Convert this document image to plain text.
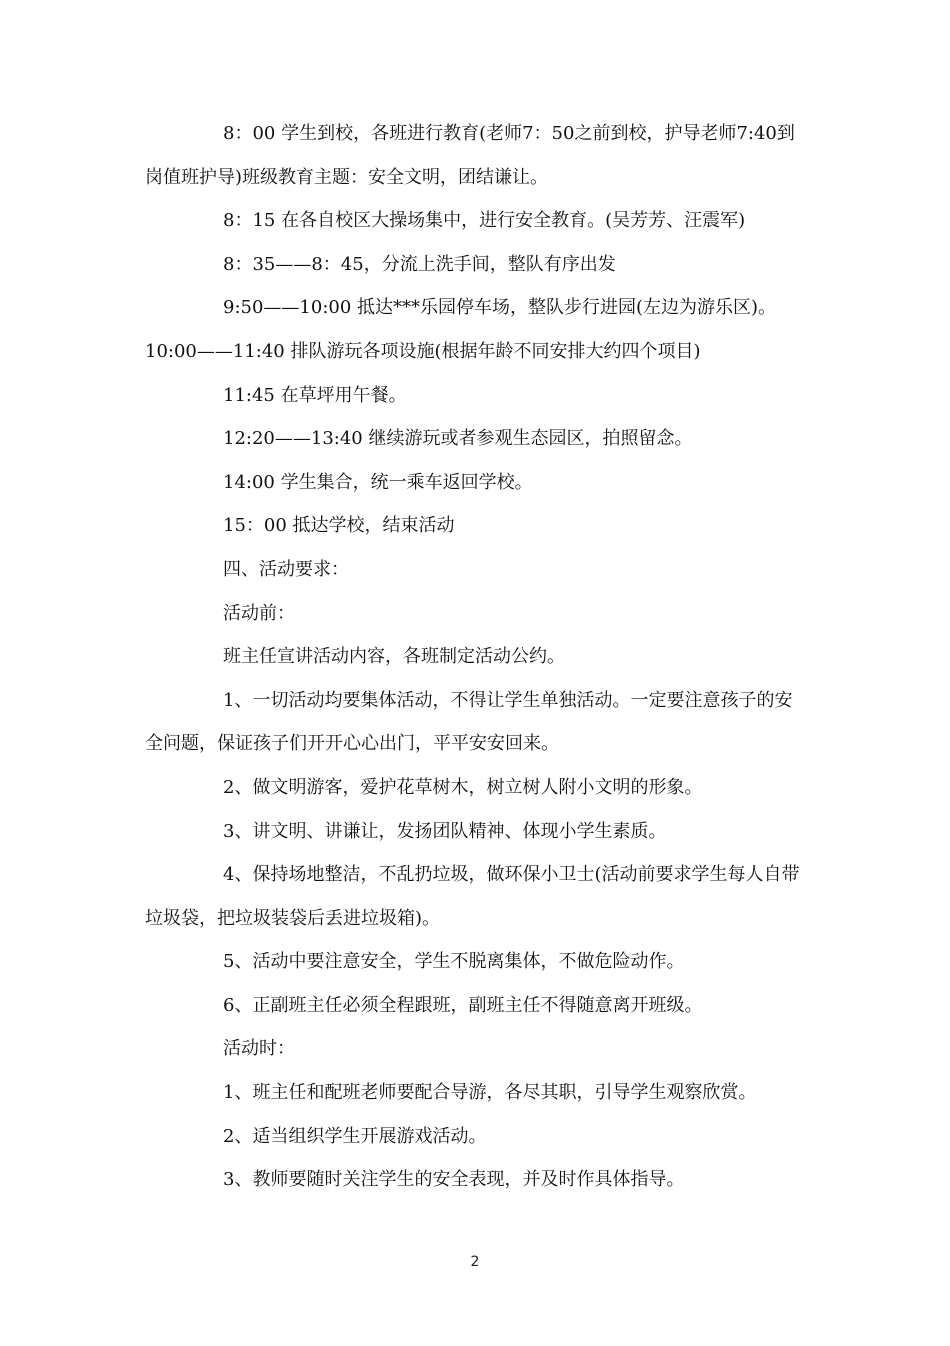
8：00 学生到校，各班进行教育(老师7：50之前到校，护导老师7:40到岗值班护导)班级教育主题：安全文明，团结谦让。

8：15 在各自校区大操场集中，进行安全教育。(吴芳芳、汪震军)

8：35——8：45，分流上洗手间，整队有序出发

9:50——10:00 抵达***乐园停车场，整队步行进园(左边为游乐区)。

10:00——11:40 排队游玩各项设施(根据年龄不同安排大约四个项目)

11:45 在草坪用午餐。

12:20——13:40 继续游玩或者参观生态园区，拍照留念。

14:00 学生集合，统一乘车返回学校。

15：00 抵达学校，结束活动

四、活动要求：

活动前：

班主任宣讲活动内容，各班制定活动公约。

1、一切活动均要集体活动，不得让学生单独活动。一定要注意孩子的安全问题，保证孩子们开开心心出门，平平安安回来。

2、做文明游客，爱护花草树木，树立树人附小文明的形象。

3、讲文明、讲谦让，发扬团队精神、体现小学生素质。

4、保持场地整洁，不乱扔垃圾，做环保小卫士(活动前要求学生每人自带垃圾袋，把垃圾装袋后丢进垃圾箱)。

5、活动中要注意安全，学生不脱离集体，不做危险动作。

6、正副班主任必须全程跟班，副班主任不得随意离开班级。

活动时：

1、班主任和配班老师要配合导游，各尽其职，引导学生观察欣赏。

2、适当组织学生开展游戏活动。

3、教师要随时关注学生的安全表现，并及时作具体指导。

2
